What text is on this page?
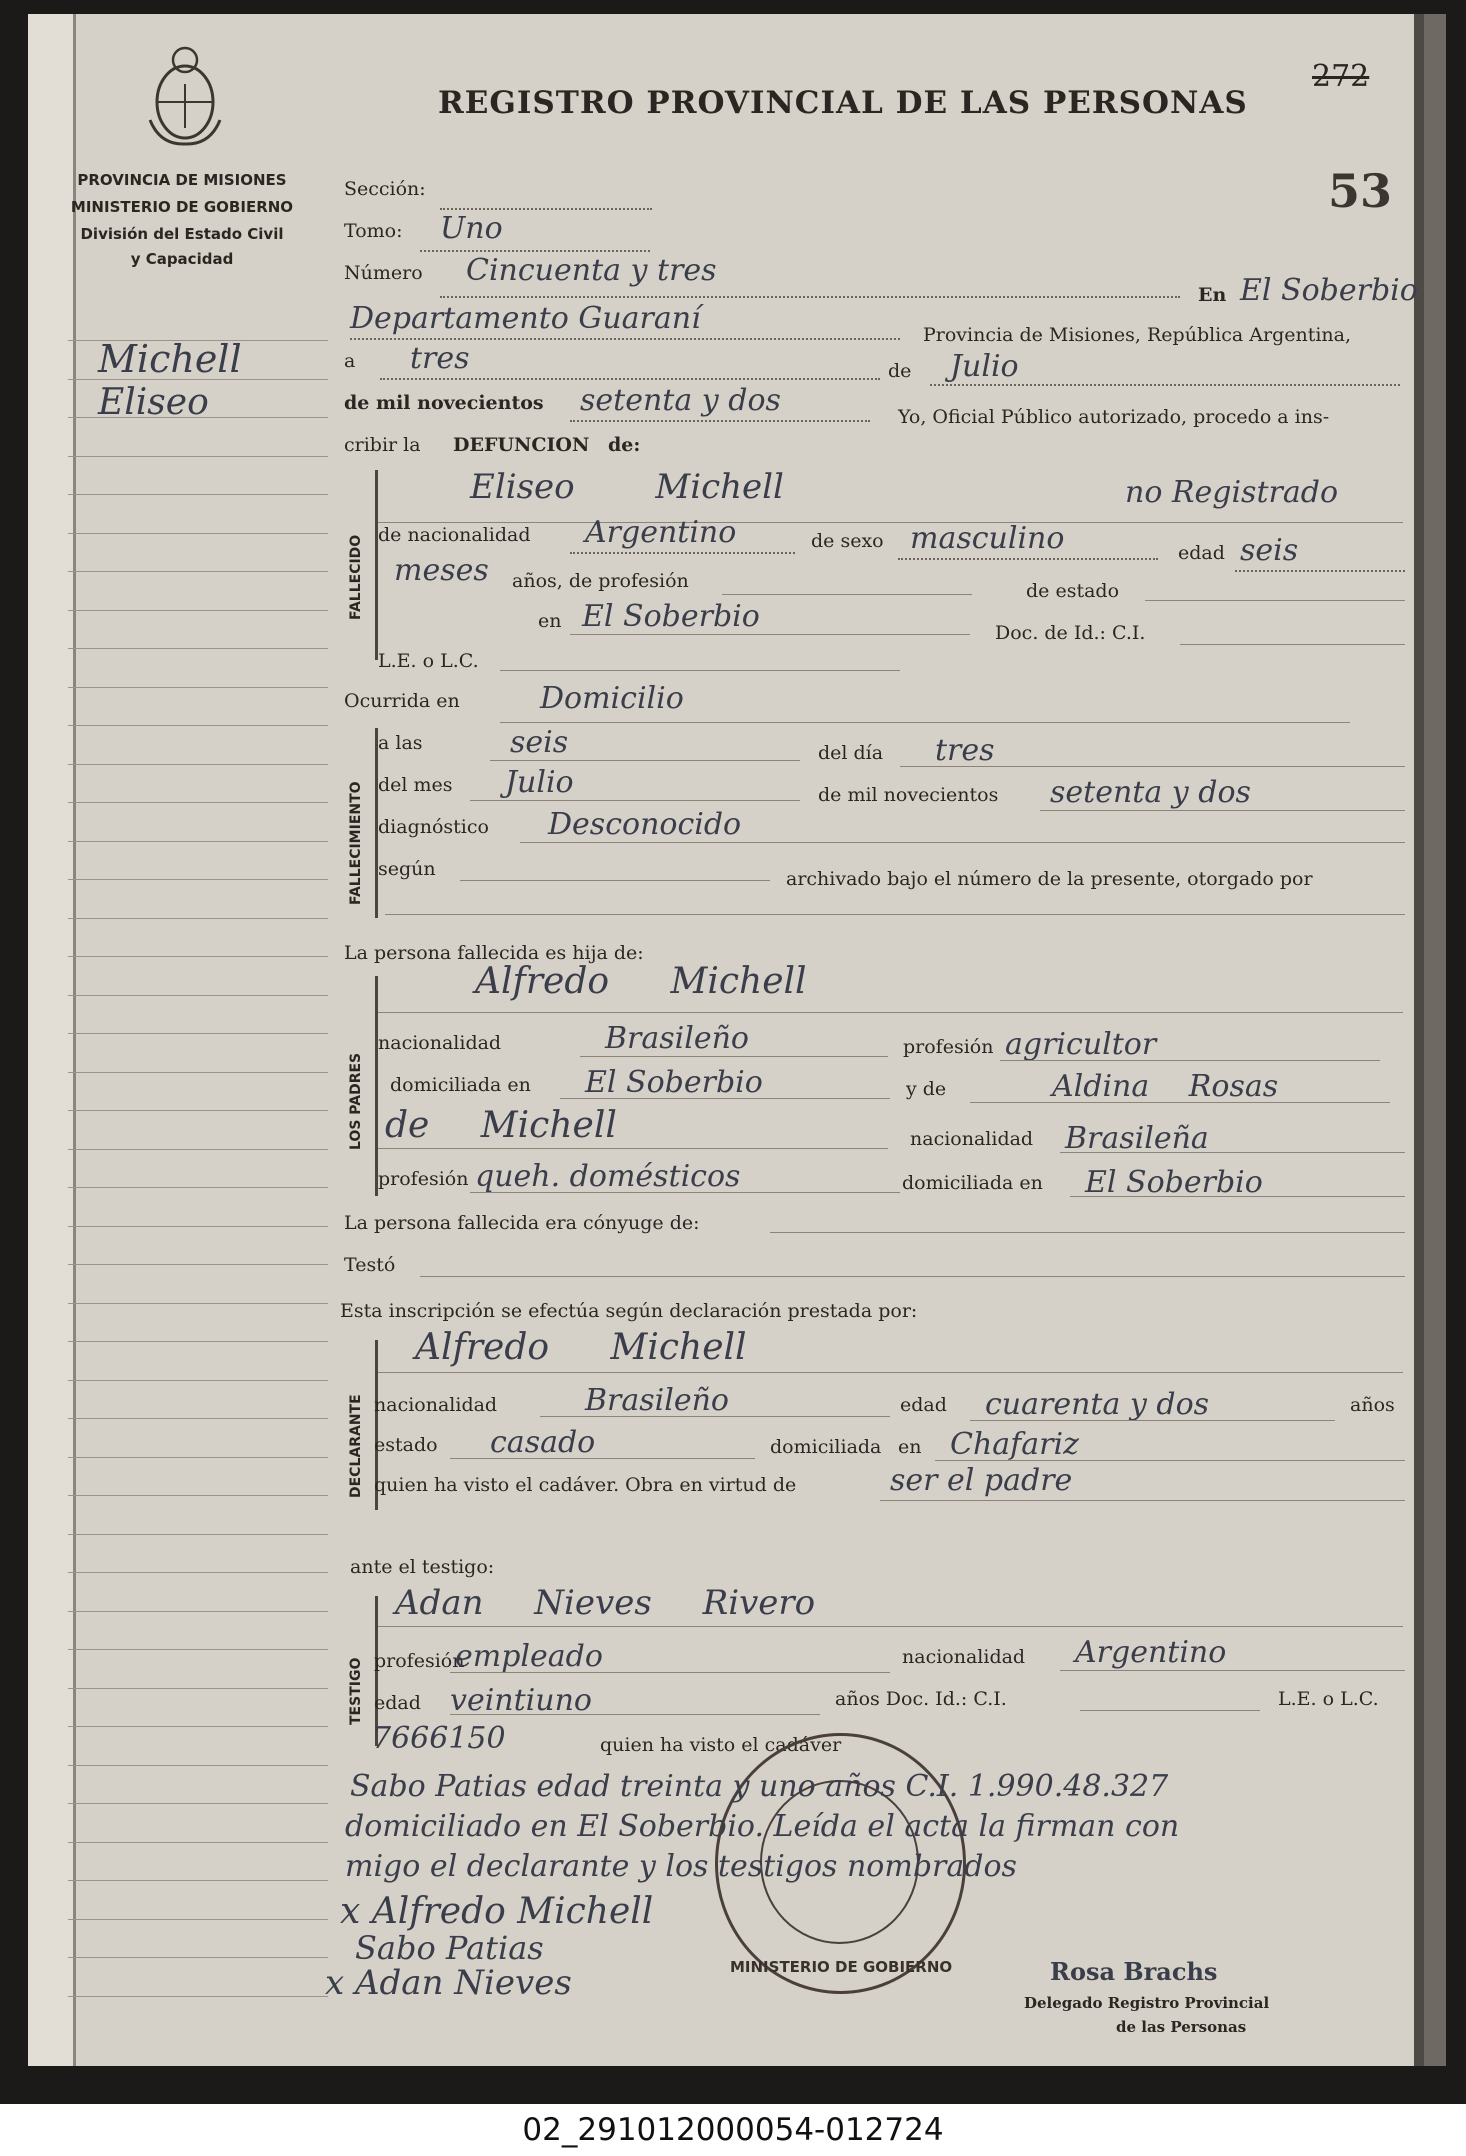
PROVINCIA DE MISIONES
MINISTERIO DE GOBIERNO
División del Estado Civil
y Capacidad
Michell
Eliseo
REGISTRO PROVINCIAL DE LAS PERSONAS
272
53
Sección:
Tomo: Uno
Número Cincuenta y tres
En El Soberbio
Departamento Guaraní	Provincia de Misiones, República Argentina,
a tres	de Julio
de mil novecientos setenta y dos	Yo, Oficial Público autorizado, procedo a ins-
cribir la DEFUNCION de:
FALLECIDO
Eliseo Michell	no Registrado
de nacionalidad Argentino	de sexo masculino	edad seis
meses años, de profesión	de estado
en El Soberbio	Doc. de Id.: C.I.
L.E. o L.C.
Ocurrida en	Domicilio
FALLECIMIENTO
a las	seis	del día tres
del mes Julio	de mil novecientos setenta y dos
diagnóstico Desconocido
según	archivado bajo el número de la presente, otorgado por
La persona fallecida es hija de:
LOS PADRES
Alfredo Michell
nacionalidad	Brasileño	profesión agricultor
domiciliada en El Soberbio	y de	Aldina Rosas
de Michell	nacionalidad Brasileña
profesión queh. domésticos	domiciliada en El Soberbio
La persona fallecida era cónyuge de:
Testó
Esta inscripción se efectúa según declaración prestada por:
DECLARANTE
Alfredo Michell
nacionalidad	Brasileño	edad cuarenta y dos	años
estado casado	domiciliada en Chafariz
quien ha visto el cadáver. Obra en virtud de	ser el padre
ante el testigo:
TESTIGO
Adan Nieves Rivero
profesión
empleado	nacionalidad Argentino
edad veintiuno	años Doc. Id.: C.I.	L.E. o L.C.
7666150	quien ha visto el cadáver
MINISTERIO DE GOBIERNO
Sabo Patias edad treinta y uno años C.I. 1.990.48.327
domiciliado en El Soberbio. Leída el acta la firman con
migo el declarante y los testigos nombrados
x Alfredo Michell
Sabo Patias
x Adan Nieves	Rosa Brachs
Delegado Registro Provincial
de las Personas
02_291012000054-012724
